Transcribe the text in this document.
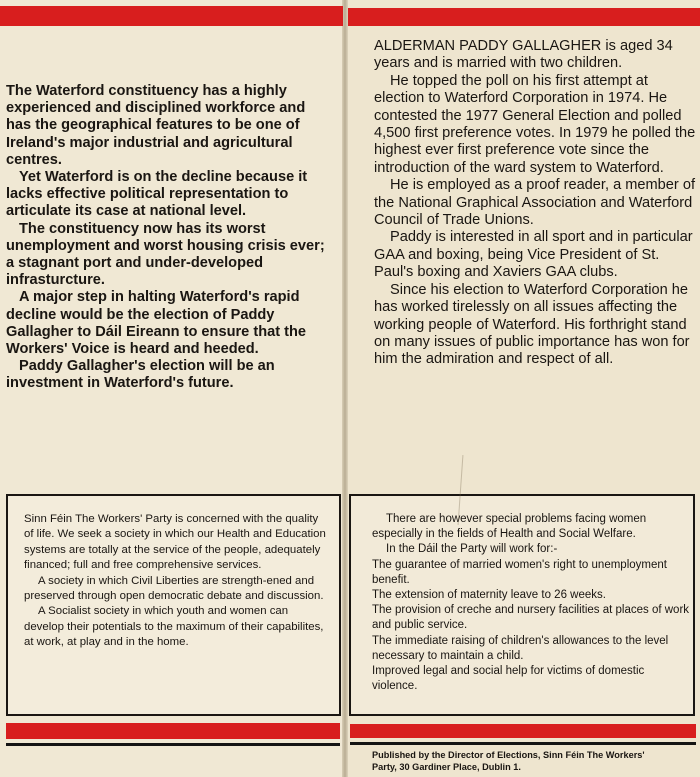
The Waterford constituency has a highly experienced and disciplined workforce and has the geographical features to be one of Ireland's major industrial and agricultural centres.

Yet Waterford is on the decline because it lacks effective political representation to articulate its case at national level.

The constituency now has its worst unemployment and worst housing crisis ever; a stagnant port and under-developed infrasturcture.

A major step in halting Waterford's rapid decline would be the election of Paddy Gallagher to Dáil Eireann to ensure that the Workers' Voice is heard and heeded.

Paddy Gallagher's election will be an investment in Waterford's future.

ALDERMAN PADDY GALLAGHER is aged 34 years and is married with two children.

He topped the poll on his first attempt at election to Waterford Corporation in 1974. He contested the 1977 General Election and polled 4,500 first preference votes. In 1979 he polled the highest ever first preference vote since the introduction of the ward system to Waterford.

He is employed as a proof reader, a member of the National Graphical Association and Waterford Council of Trade Unions.

Paddy is interested in all sport and in particular GAA and boxing, being Vice President of St. Paul's boxing and Xaviers GAA clubs.

Since his election to Waterford Corporation he has worked tirelessly on all issues affecting the working people of Waterford. His forthright stand on many issues of public importance has won for him the admiration and respect of all.

Sinn Féin The Workers' Party is concerned with the quality of life. We seek a society in which our Health and Education systems are totally at the service of the people, adequately financed; full and free comprehensive services.

A society in which Civil Liberties are strength-ened and preserved through open democratic debate and discussion.

A Socialist society in which youth and women can develop their potentials to the maximum of their capabilites, at work, at play and in the home.

There are however special problems facing women especially in the fields of Health and Social Welfare.

In the Dáil the Party will work for:-

The guarantee of married women's right to unemployment benefit.

The extension of maternity leave to 26 weeks.

The provision of creche and nursery facilities at places of work and public service.

The immediate raising of children's allowances to the level necessary to maintain a child.

Improved legal and social help for victims of domestic violence.

Published by the Director of Elections, Sinn Féin The Workers'

Party, 30 Gardiner Place, Dublin 1.
